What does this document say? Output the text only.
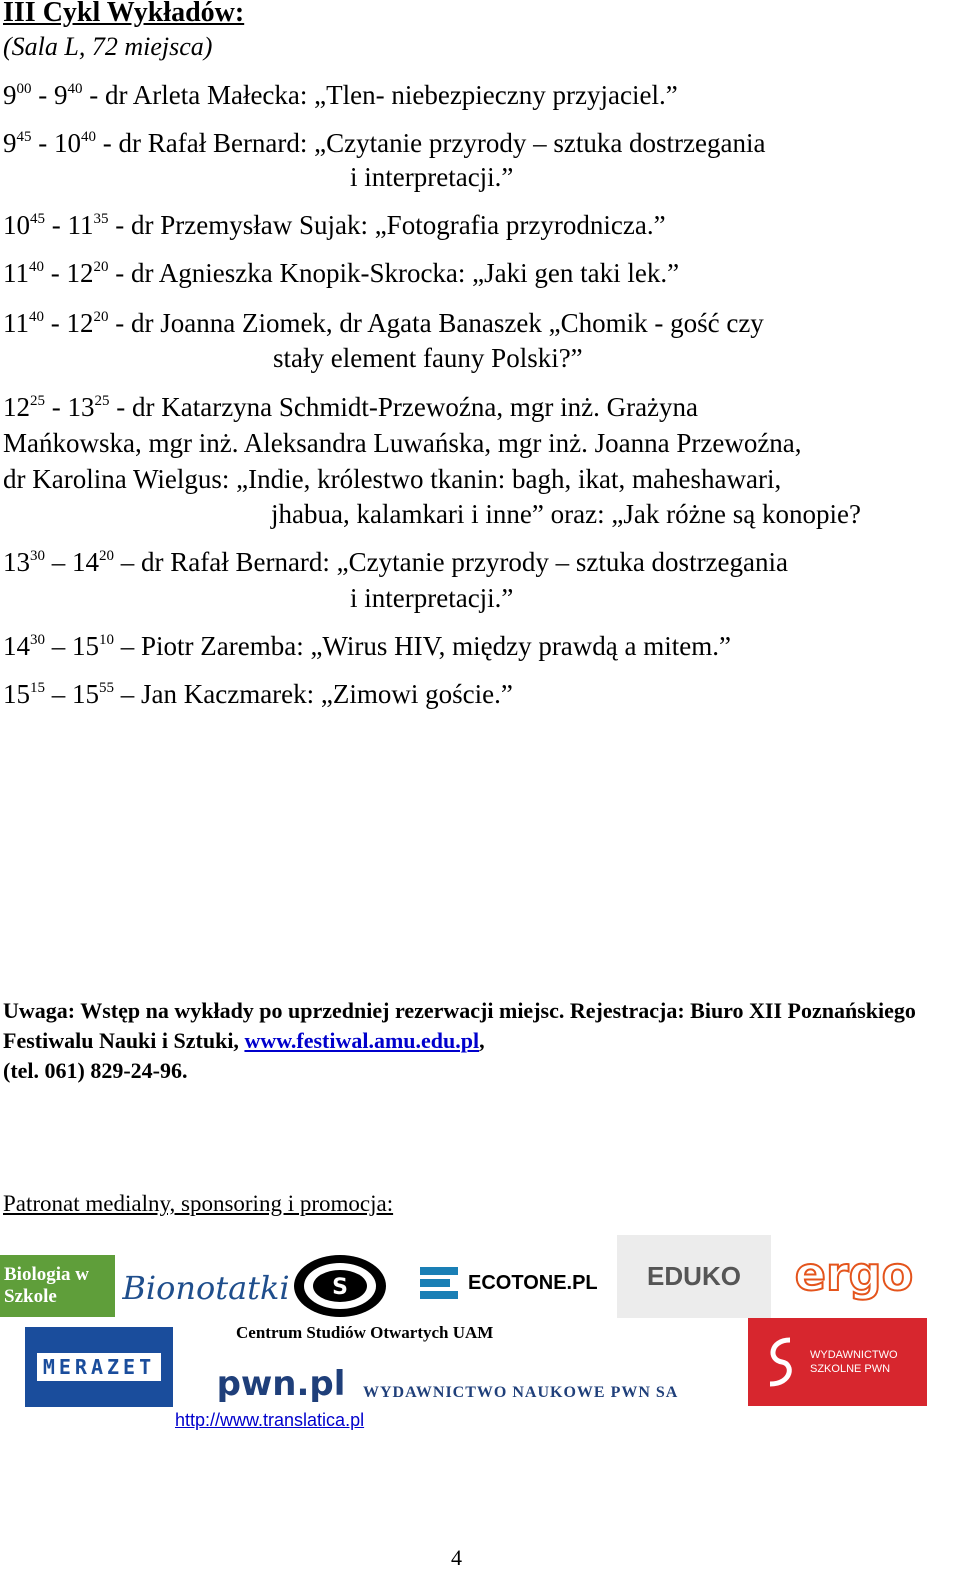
III Cykl Wykładów:
(Sala L, 72 miejsca)
$9^{00} - 9^{40}$ - dr Arleta Małecka: „Tlen- niebezpieczny przyjaciel.”
$9^{45} - 10^{40}$ - dr Rafał Bernard: „Czytanie przyrody – sztuka dostrzegania
i interpretacji.”
$10^{45} - 11^{35}$ - dr Przemysław Sujak: „Fotografia przyrodnicza.”
$11^{40} - 12^{20}$ - dr Agnieszka Knopik-Skrocka: „Jaki gen taki lek.”
$11^{40} - 12^{20}$ - dr Joanna Ziomek, dr Agata Banaszek „Chomik - gość czy
stały element fauny Polski?”
$12^{25} - 13^{25}$ - dr Katarzyna Schmidt-Przewoźna, mgr inż. Grażyna
Mańkowska, mgr inż. Aleksandra Luwańska, mgr inż. Joanna Przewoźna,
dr Karolina Wielgus: „Indie, królestwo tkanin: bagh, ikat, maheshawari,
jhabua, kalamkari i inne” oraz: „Jak różne są konopie?
$13^{30} - 14^{20}$ – dr Rafał Bernard: „Czytanie przyrody – sztuka dostrzegania
i interpretacji.”
$14^{30} - 15^{10}$ – Piotr Zaremba: „Wirus HIV, między prawdą a mitem.”
$15^{15} - 15^{55}$ – Jan Kaczmarek: „Zimowi goście.”
Uwaga: Wstęp na wykłady po uprzedniej rezerwacji miejsc. Rejestracja: Biuro XII Poznańskiego Festiwalu Nauki i Sztuki, www.festiwal.amu.edu.pl,
(tel. 061) 829-24-96.
Patronat medialny, sponsoring i promocja:
Biologia w Szkole	Bionotatki S	ECOTONE.PL EDUKO ergo
MERAZET
Centrum Studiów Otwartych UAM
pwn.pl WYDAWNICTWO NAUKOWE PWN SA
WYDAWNICTWO SZKOLNE PWN
http://www.translatica.pl
4
